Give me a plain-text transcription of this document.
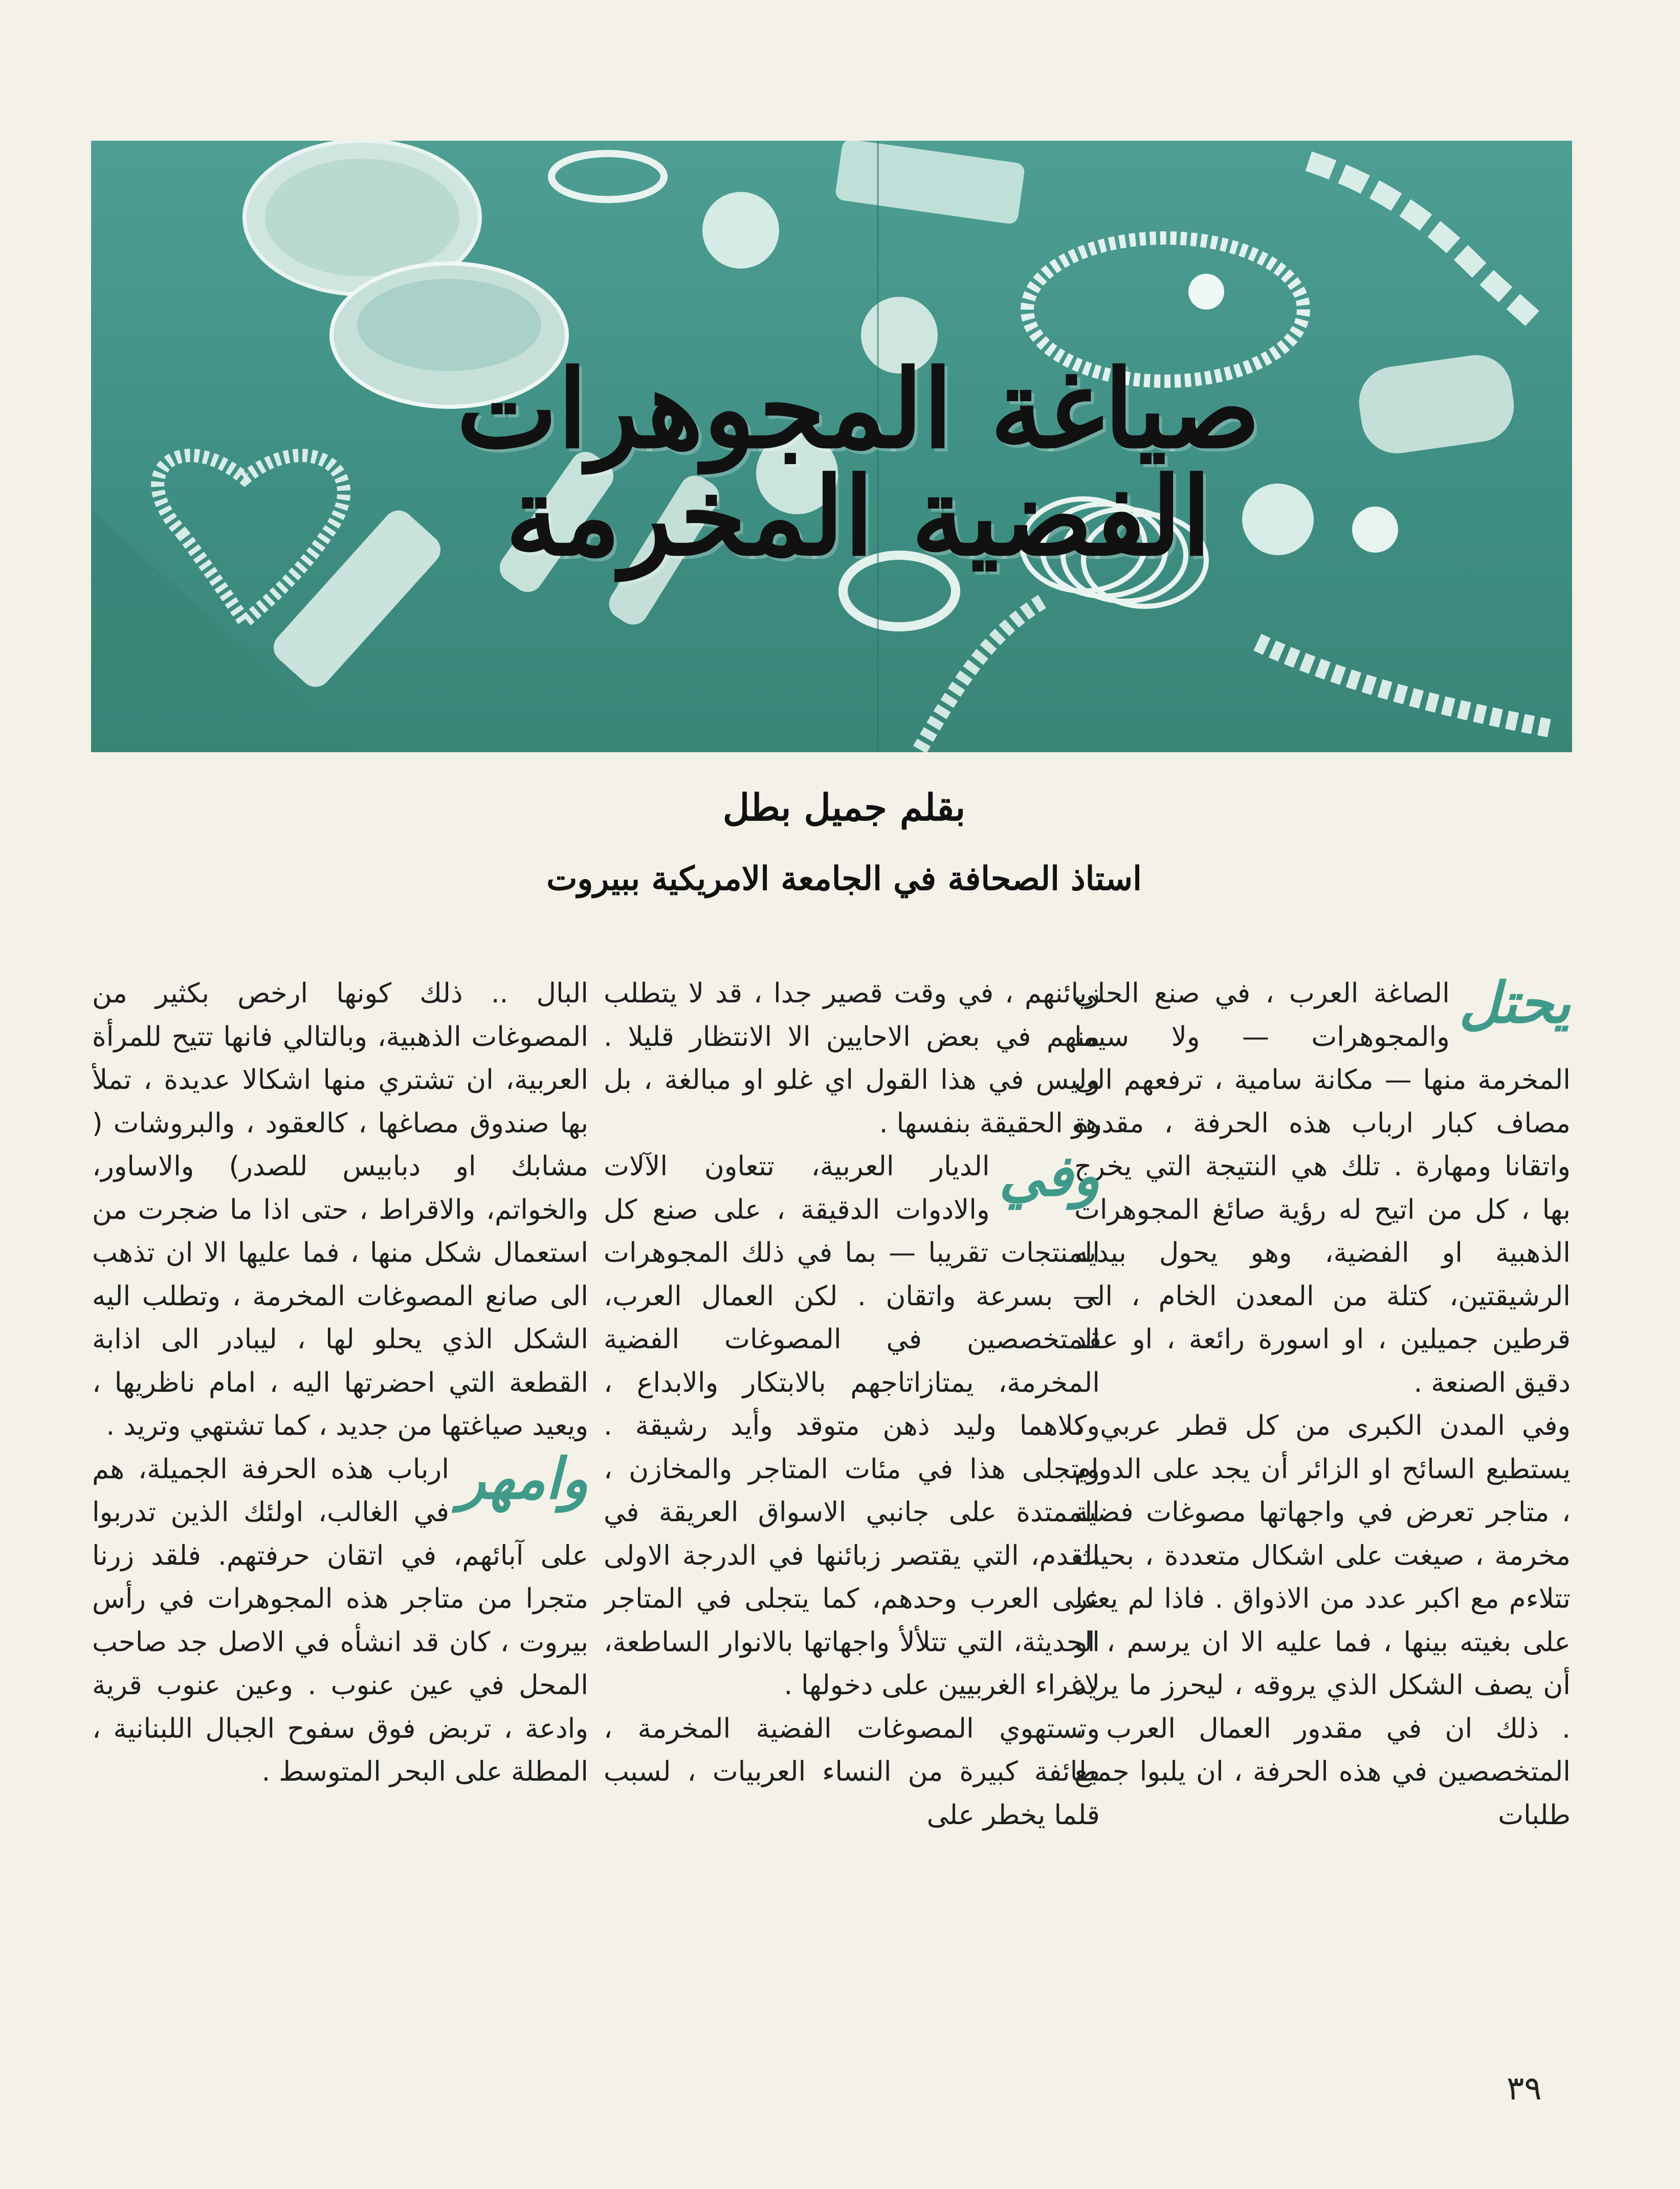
صياغة المجوهرات الفضية المخرمة
بقلم جميل بطل
استاذ الصحافة في الجامعة الامريكية ببيروت
يحتل

الصاغة العرب ، في صنع الحلي والمجوهرات — ولا سيما المخرمة منها — مكانة سامية ، ترفعهم الى مصاف كبار ارباب هذه الحرفة ، مقدرة واتقانا ومهارة . تلك هي النتيجة التي يخرج بها ، كل من اتيح له رؤية صائغ المجوهرات الذهبية او الفضية، وهو يحول بيديه الرشيقتين، كتلة من المعدن الخام ، الى قرطين جميلين ، او اسورة رائعة ، او عقد دقيق الصنعة .

وفي المدن الكبرى من كل قطر عربي ، يستطيع السائح او الزائر أن يجد على الدوام ، متاجر تعرض في واجهاتها مصوغات فضية مخرمة ، صيغت على اشكال متعددة ، بحيث تتلاءم مع اكبر عدد من الاذواق . فاذا لم يعثر على بغيته بينها ، فما عليه الا ان يرسم ، او أن يصف الشكل الذي يروقه ، ليحرز ما يريد . ذلك ان في مقدور العمال العرب ، المتخصصين في هذه الحرفة ، ان يلبوا جميع طلبات

زبائنهم ، في وقت قصير جدا ، قد لا يتطلب منهم في بعض الاحايين الا الانتظار قليلا . وليس في هذا القول اي غلو او مبالغة ، بل هو الحقيقة بنفسها .

وفي

الديار العربية، تتعاون الآلات والادوات الدقيقة ، على صنع كل المنتجات تقريبا — بما في ذلك المجوهرات — بسرعة واتقان . لكن العمال العرب، المتخصصين في المصوغات الفضية المخرمة، يمتازاتاجهم بالابتكار والابداع ، وكلاهما وليد ذهن متوقد وأيد رشيقة . ويتجلى هذا في مئات المتاجر والمخازن ، الممتدة على جانبي الاسواق العريقة في القدم، التي يقتصر زبائنها في الدرجة الاولى على العرب وحدهم، كما يتجلى في المتاجر الحديثة، التي تتلألأ واجهاتها بالانوار الساطعة، لاغراء الغربيين على دخولها .

وتستهوي المصوغات الفضية المخرمة ، طائفة كبيرة من النساء العربيات ، لسبب قلما يخطر على

البال .. ذلك كونها ارخص بكثير من المصوغات الذهبية، وبالتالي فانها تتيح للمرأة العربية، ان تشتري منها اشكالا عديدة ، تملأ بها صندوق مصاغها ، كالعقود ، والبروشات ( مشابك او دبابيس للصدر) والاساور، والخواتم، والاقراط ، حتى اذا ما ضجرت من استعمال شكل منها ، فما عليها الا ان تذهب الى صانع المصوغات المخرمة ، وتطلب اليه الشكل الذي يحلو لها ، ليبادر الى اذابة القطعة التي احضرتها اليه ، امام ناظريها ، ويعيد صياغتها من جديد ، كما تشتهي وتريد .

وامهر

ارباب هذه الحرفة الجميلة، هم في الغالب، اولئك الذين تدربوا على آبائهم، في اتقان حرفتهم. فلقد زرنا متجرا من متاجر هذه المجوهرات في رأس بيروت ، كان قد انشأه في الاصل جد صاحب المحل في عين عنوب . وعين عنوب قرية وادعة ، تربض فوق سفوح الجبال اللبنانية ، المطلة على البحر المتوسط .

٣٩
